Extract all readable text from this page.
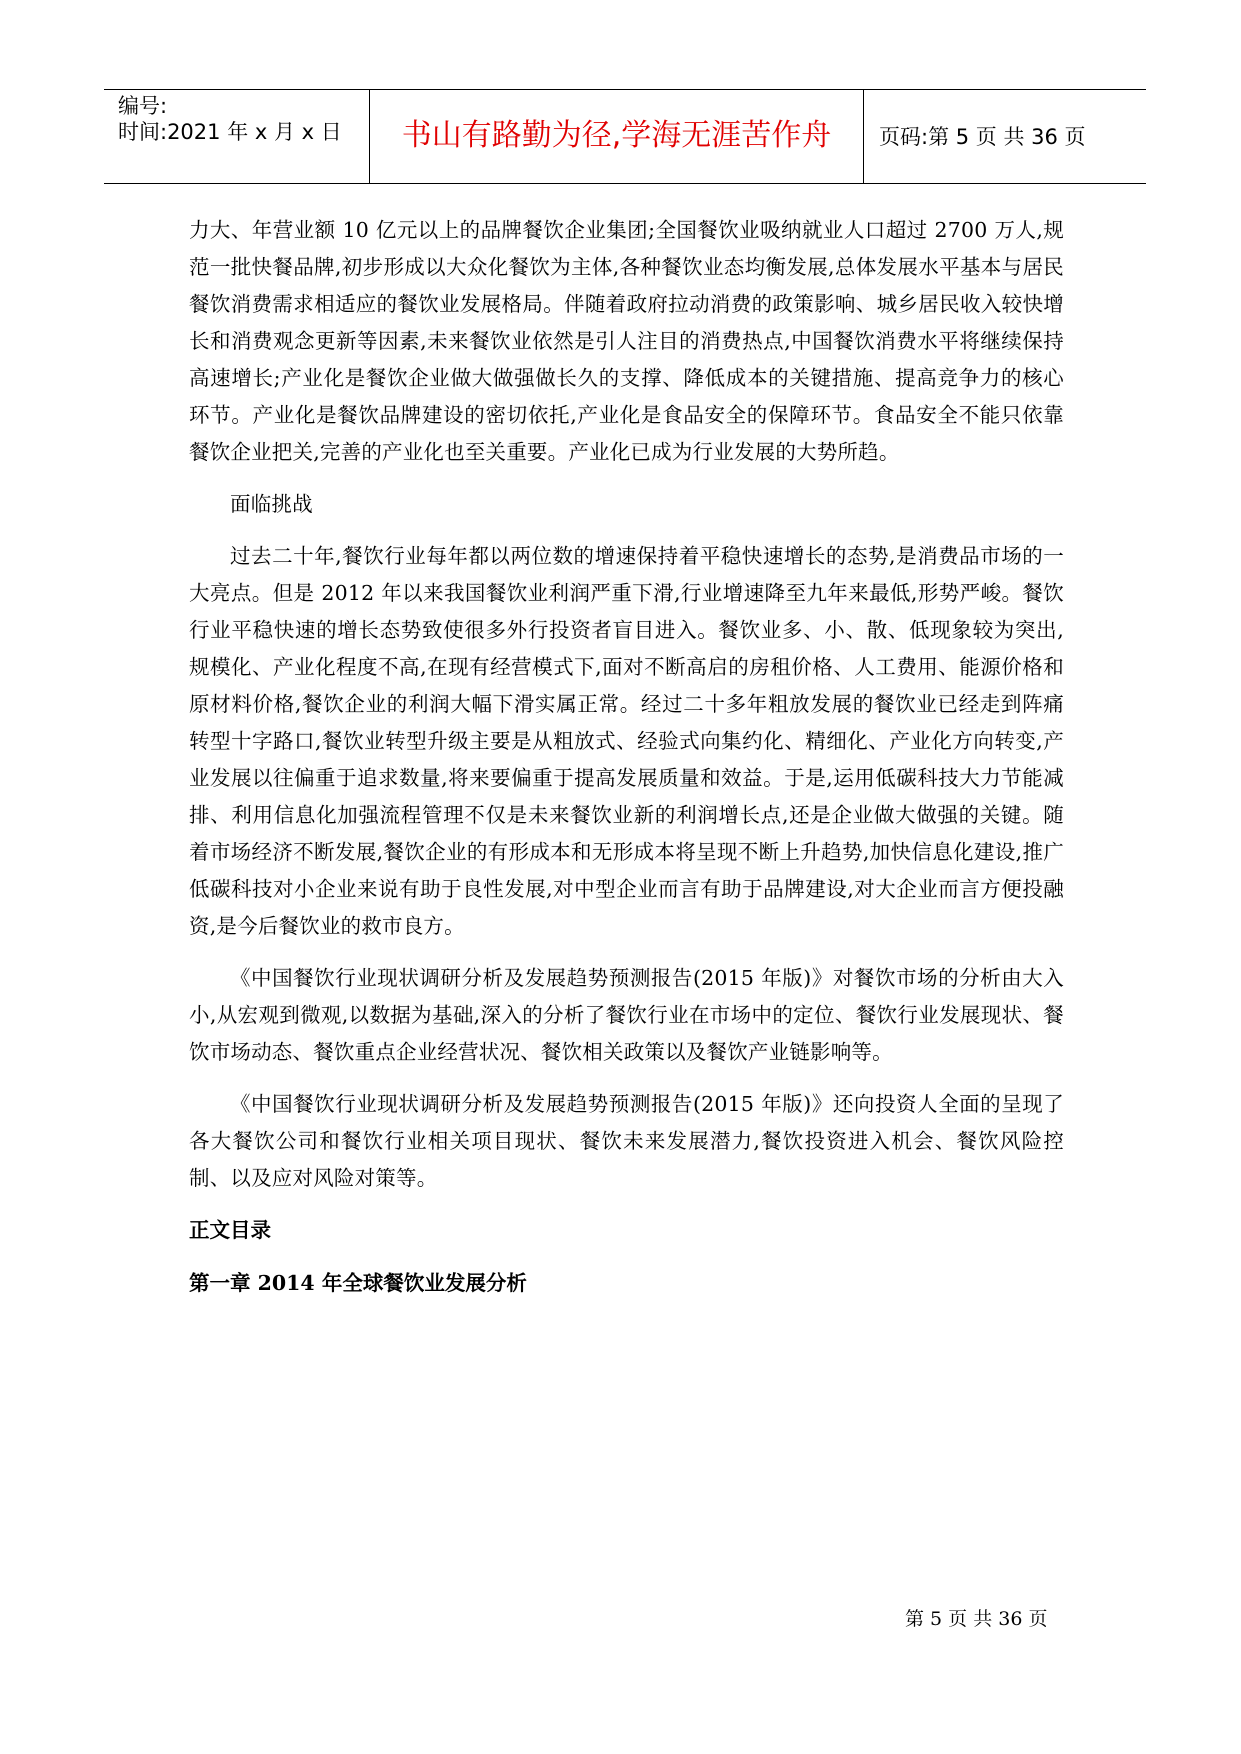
编号:
时间:2021 年 x 月 x 日	书山有路勤为径,学海无涯苦作舟	页码:第 5 页 共 36 页

力大、年营业额 10 亿元以上的品牌餐饮企业集团;全国餐饮业吸纳就业人口超过 2700 万人,规范一批快餐品牌,初步形成以大众化餐饮为主体,各种餐饮业态均衡发展,总体发展水平基本与居民餐饮消费需求相适应的餐饮业发展格局。伴随着政府拉动消费的政策影响、城乡居民收入较快增长和消费观念更新等因素,未来餐饮业依然是引人注目的消费热点,中国餐饮消费水平将继续保持高速增长;产业化是餐饮企业做大做强做长久的支撑、降低成本的关键措施、提高竞争力的核心环节。产业化是餐饮品牌建设的密切依托,产业化是食品安全的保障环节。食品安全不能只依靠餐饮企业把关,完善的产业化也至关重要。产业化已成为行业发展的大势所趋。

面临挑战

过去二十年,餐饮行业每年都以两位数的增速保持着平稳快速增长的态势,是消费品市场的一大亮点。但是 2012 年以来我国餐饮业利润严重下滑,行业增速降至九年来最低,形势严峻。餐饮行业平稳快速的增长态势致使很多外行投资者盲目进入。餐饮业多、小、散、低现象较为突出,规模化、产业化程度不高,在现有经营模式下,面对不断高启的房租价格、人工费用、能源价格和原材料价格,餐饮企业的利润大幅下滑实属正常。经过二十多年粗放发展的餐饮业已经走到阵痛转型十字路口,餐饮业转型升级主要是从粗放式、经验式向集约化、精细化、产业化方向转变,产业发展以往偏重于追求数量,将来要偏重于提高发展质量和效益。于是,运用低碳科技大力节能减排、利用信息化加强流程管理不仅是未来餐饮业新的利润增长点,还是企业做大做强的关键。随着市场经济不断发展,餐饮企业的有形成本和无形成本将呈现不断上升趋势,加快信息化建设,推广低碳科技对小企业来说有助于良性发展,对中型企业而言有助于品牌建设,对大企业而言方便投融资,是今后餐饮业的救市良方。

《中国餐饮行业现状调研分析及发展趋势预测报告(2015 年版)》对餐饮市场的分析由大入小,从宏观到微观,以数据为基础,深入的分析了餐饮行业在市场中的定位、餐饮行业发展现状、餐饮市场动态、餐饮重点企业经营状况、餐饮相关政策以及餐饮产业链影响等。

《中国餐饮行业现状调研分析及发展趋势预测报告(2015 年版)》还向投资人全面的呈现了各大餐饮公司和餐饮行业相关项目现状、餐饮未来发展潜力,餐饮投资进入机会、餐饮风险控制、以及应对风险对策等。

正文目录
第一章 2014 年全球餐饮业发展分析
第 5 页 共 36 页
